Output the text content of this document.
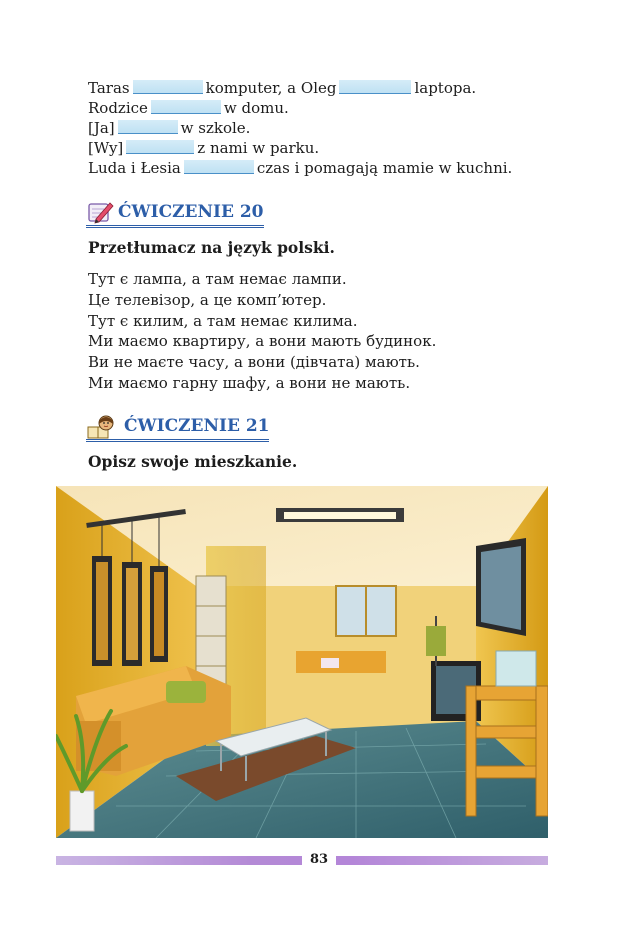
Taras	komputer, a Oleg	laptopa.
Rodzice	w domu.
[Ja]	w szkole.
[Wy]	z nami w parku.
Luda i Łesia	czas i pomagają mamie w kuchni.
ĆWICZENIE 20
Przetłumacz na język polski.
Тут є лампа, а там немає лампи.
Це телевізор, а це комп’ютер.
Тут є килим, а там немає килима.
Ми маємо квартиру, а вони мають будинок.
Ви не маєте часу, а вони (дівчата) мають.
Ми маємо гарну шафу, а вони не мають.
ĆWICZENIE 21
Opisz swoje mieszkanie.
83
